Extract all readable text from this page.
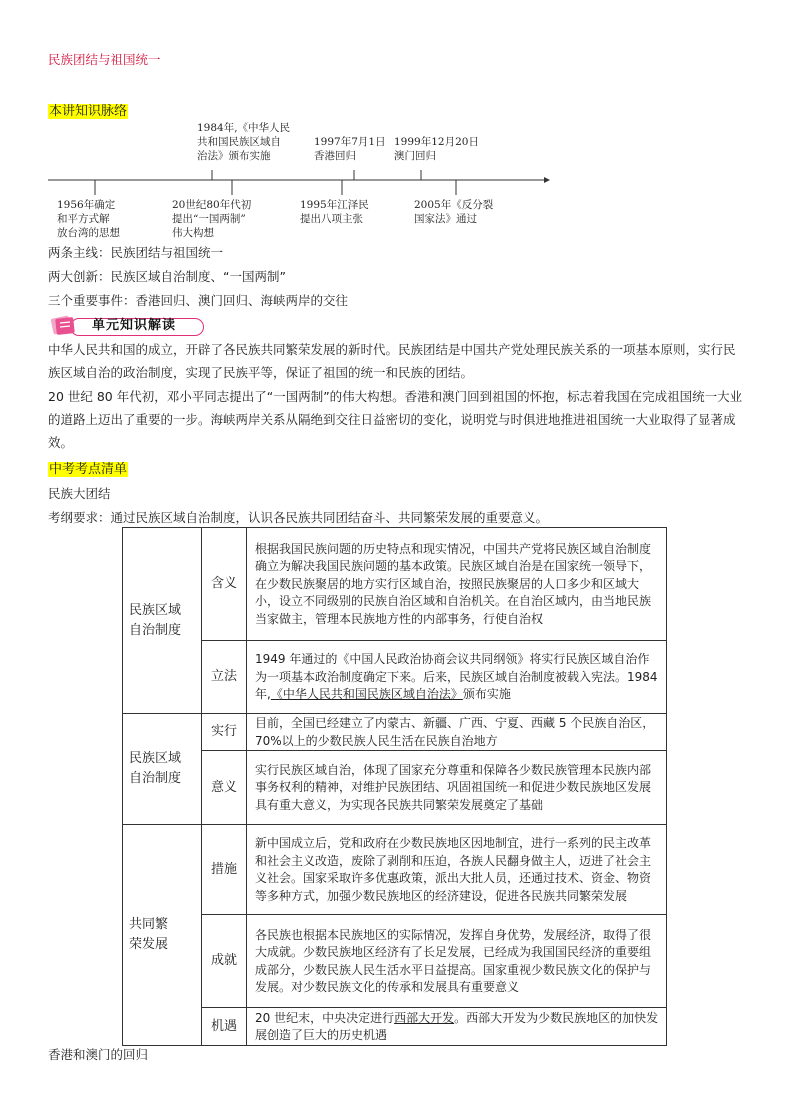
民族团结与祖国统一
本讲知识脉络
1984年,《中华人民
共和国民族区域自
治法》颁布实施
1997年7月1日
香港回归
1999年12月20日
澳门回归
1956年确定
和平方式解
放台湾的思想
20世纪80年代初
提出“一国两制”
伟大构想
1995年江泽民
提出八项主张
2005年《反分裂
国家法》通过
两条主线：民族团结与祖国统一
两大创新：民族区域自治制度、“一国两制”
三个重要事件：香港回归、澳门回归、海峡两岸的交往
单元知识解读
中华人民共和国的成立，开辟了各民族共同繁荣发展的新时代。民族团结是中国共产党处理民族关系的一项基本原则，实行民族区域自治的政治制度，实现了民族平等，保证了祖国的统一和民族的团结。
20 世纪 80 年代初，邓小平同志提出了“一国两制”的伟大构想。香港和澳门回到祖国的怀抱，标志着我国在完成祖国统一大业的道路上迈出了重要的一步。海峡两岸关系从隔绝到交往日益密切的变化，说明党与时俱进地推进祖国统一大业取得了显著成效。
中考考点清单
民族大团结
考纲要求：通过民族区域自治制度，认识各民族共同团结奋斗、共同繁荣发展的重要意义。
民族区域
自治制度	含义	根据我国民族问题的历史特点和现实情况，中国共产党将民族区域自治制度确立为解决我国民族问题的基本政策。民族区域自治是在国家统一领导下，在少数民族聚居的地方实行区域自治，按照民族聚居的人口多少和区域大小，设立不同级别的民族自治区域和自治机关。在自治区域内，由当地民族当家做主，管理本民族地方性的内部事务，行使自治权
	立法	1949 年通过的《中国人民政治协商会议共同纲领》将实行民族区域自治作为一项基本政治制度确定下来。后来，民族区域自治制度被载入宪法。1984 年,《中华人民共和国民族区域自治法》颁布实施
民族区域
自治制度	实行	目前，全国已经建立了内蒙古、新疆、广西、宁夏、西藏 5 个民族自治区，70%以上的少数民族人民生活在民族自治地方
	意义	实行民族区域自治，体现了国家充分尊重和保障各少数民族管理本民族内部事务权利的精神，对维护民族团结、巩固祖国统一和促进少数民族地区发展具有重大意义，为实现各民族共同繁荣发展奠定了基础
共同繁
荣发展	措施	新中国成立后，党和政府在少数民族地区因地制宜，进行一系列的民主改革和社会主义改造，废除了剥削和压迫，各族人民翻身做主人，迈进了社会主义社会。国家采取许多优惠政策，派出大批人员，还通过技术、资金、物资等多种方式，加强少数民族地区的经济建设，促进各民族共同繁荣发展
	成就	各民族也根据本民族地区的实际情况，发挥自身优势，发展经济，取得了很大成就。少数民族地区经济有了长足发展，已经成为我国国民经济的重要组成部分，少数民族人民生活水平日益提高。国家重视少数民族文化的保护与发展。对少数民族文化的传承和发展具有重要意义
	机遇	20 世纪末，中央决定进行西部大开发。西部大开发为少数民族地区的加快发展创造了巨大的历史机遇
香港和澳门的回归
